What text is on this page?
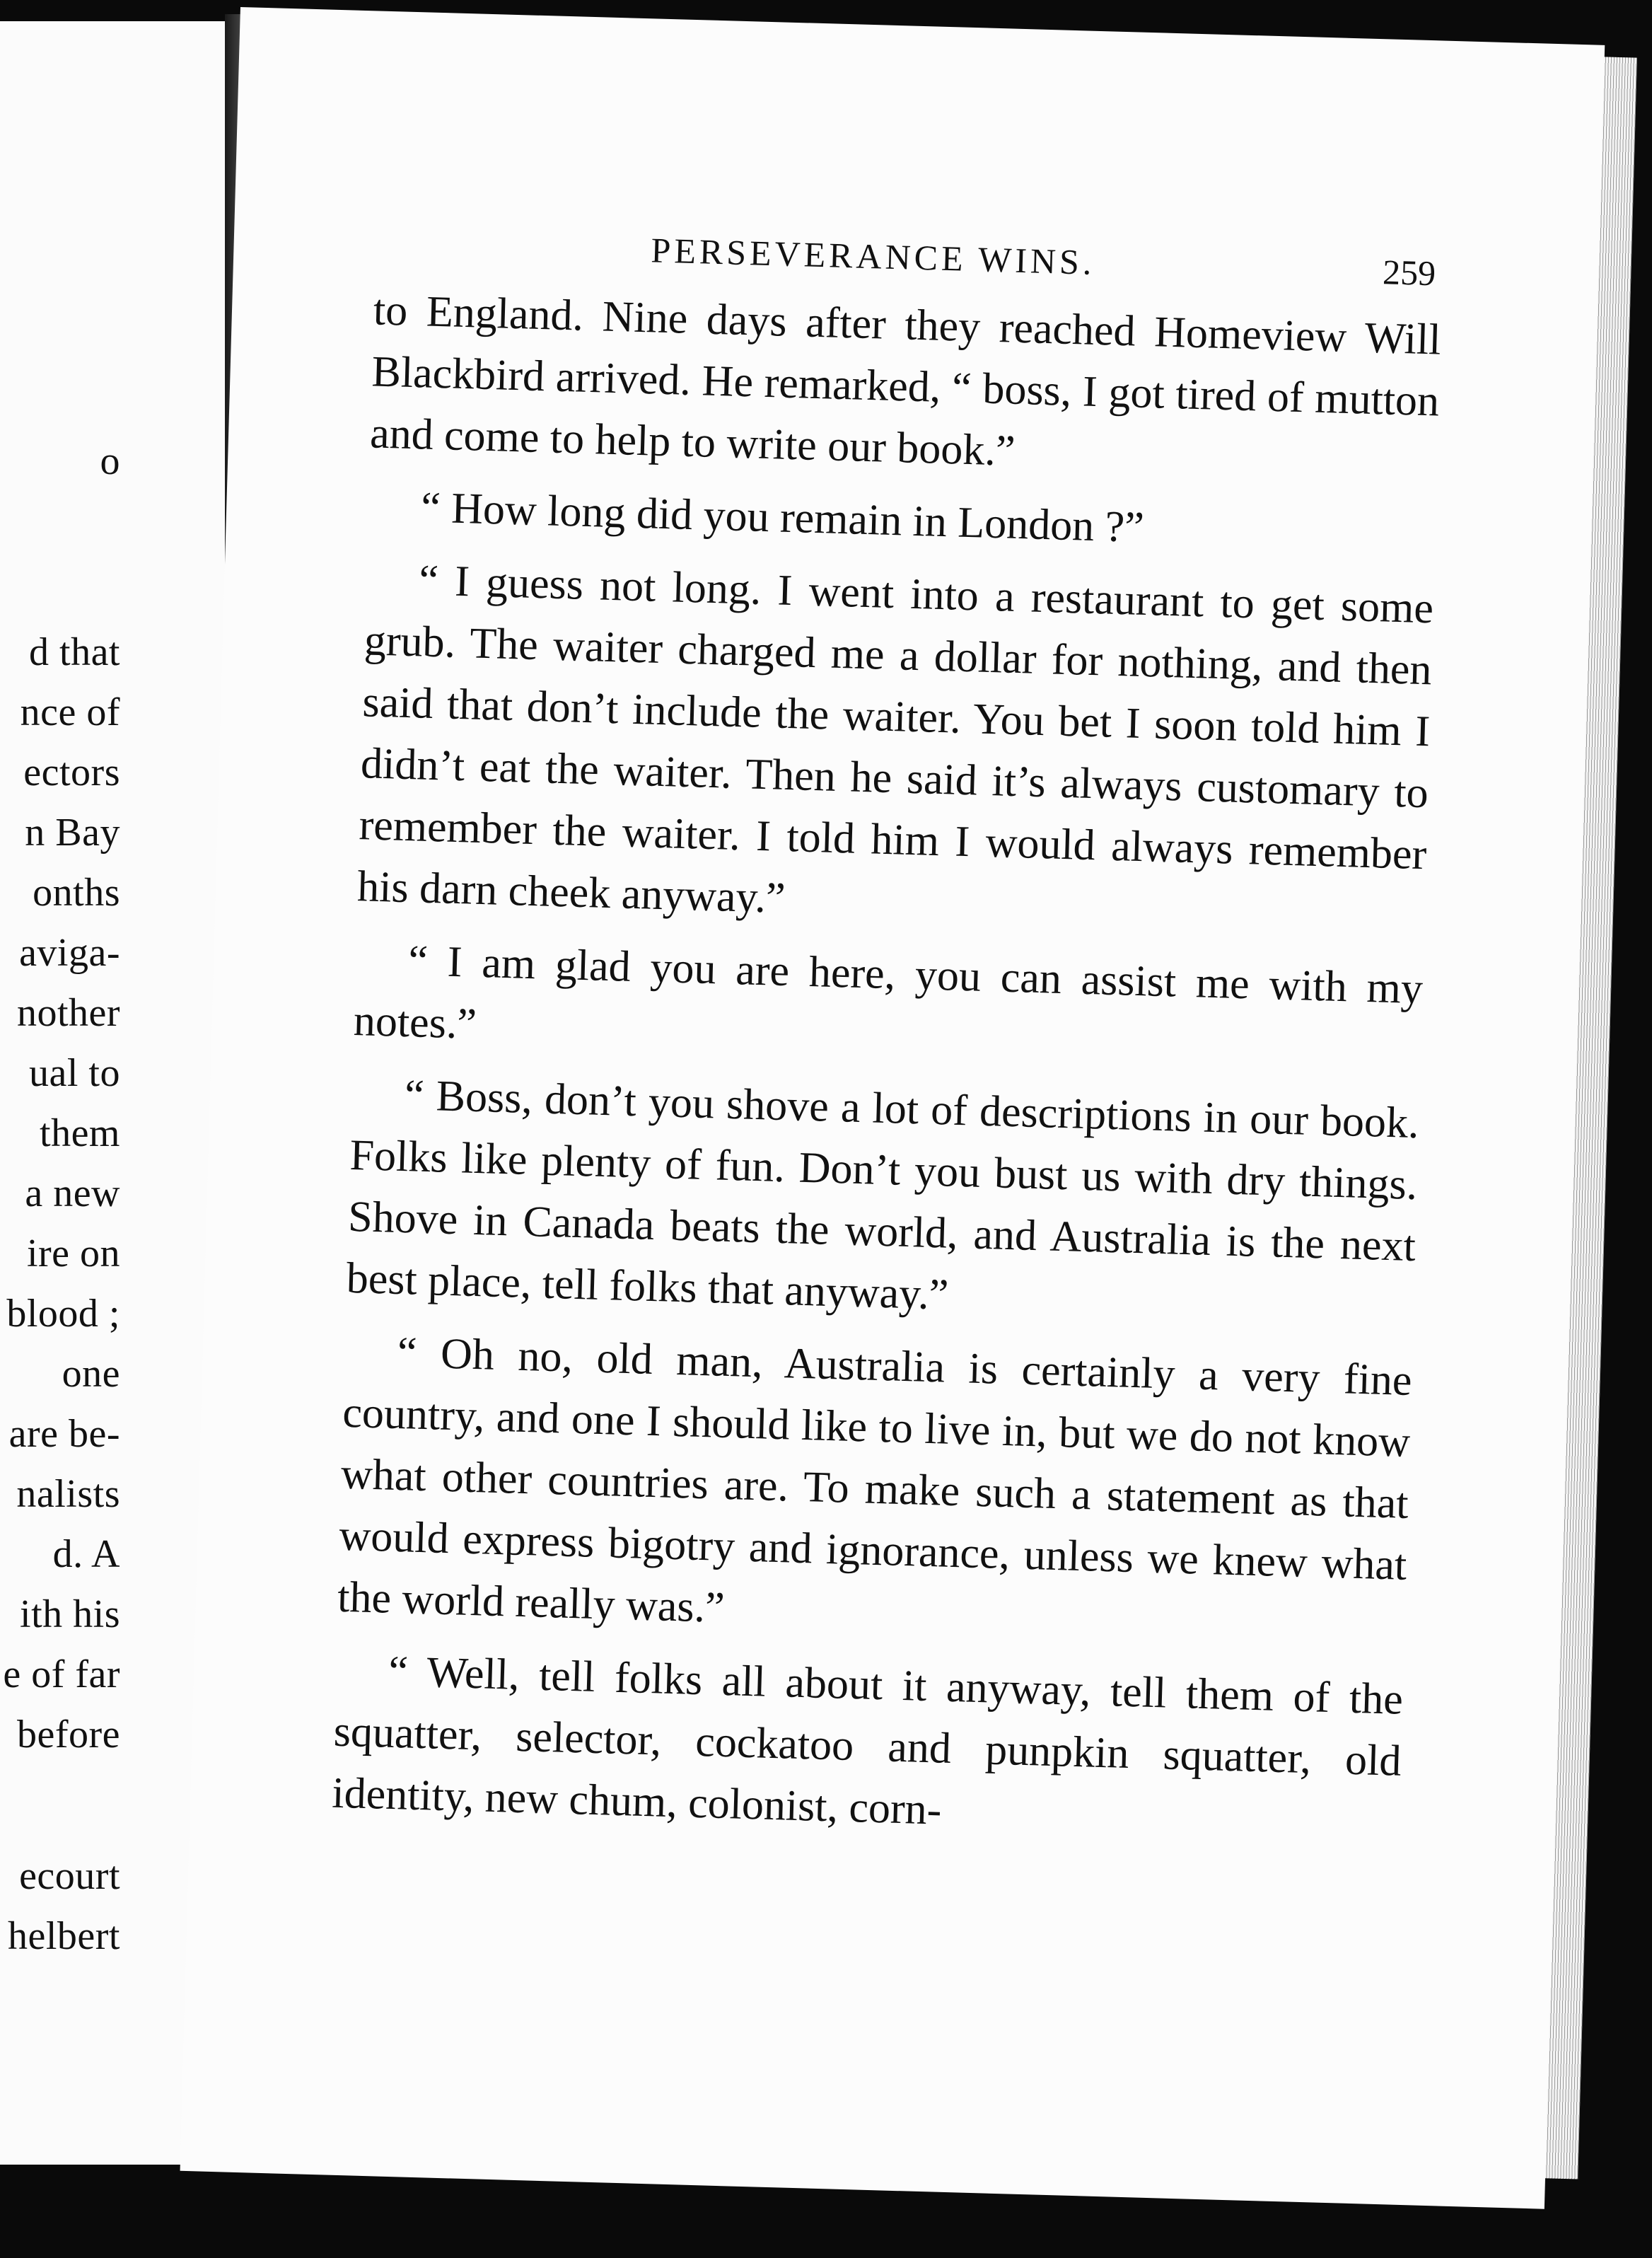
o
d that
nce of
ectors
n Bay
onths
aviga-
nother
ual to
them
a new
ire on
blood ;
one
are be-
nalists
d. A
ith his
e of far
before
ecourt
helbert
PERSEVERANCE WINS.	259

to England. Nine days after they reached Homeview Will Blackbird arrived. He remarked, “ boss, I got tired of mutton and come to help to write our book.”

“ How long did you remain in London ?”

“ I guess not long. I went into a restaurant to get some grub. The waiter charged me a dollar for nothing, and then said that don’t include the waiter. You bet I soon told him I didn’t eat the waiter. Then he said it’s always customary to remember the waiter. I told him I would always remember his darn cheek anyway.”

“ I am glad you are here, you can assist me with my notes.”

“ Boss, don’t you shove a lot of descriptions in our book. Folks like plenty of fun. Don’t you bust us with dry things. Shove in Canada beats the world, and Australia is the next best place, tell folks that anyway.”

“ Oh no, old man, Australia is certainly a very fine country, and one I should like to live in, but we do not know what other countries are. To make such a statement as that would express bigotry and ignorance, unless we knew what the world really was.”

“ Well, tell folks all about it anyway, tell them of the squatter, selector, cockatoo and punpkin squatter, old identity, new chum, colonist, corn-
